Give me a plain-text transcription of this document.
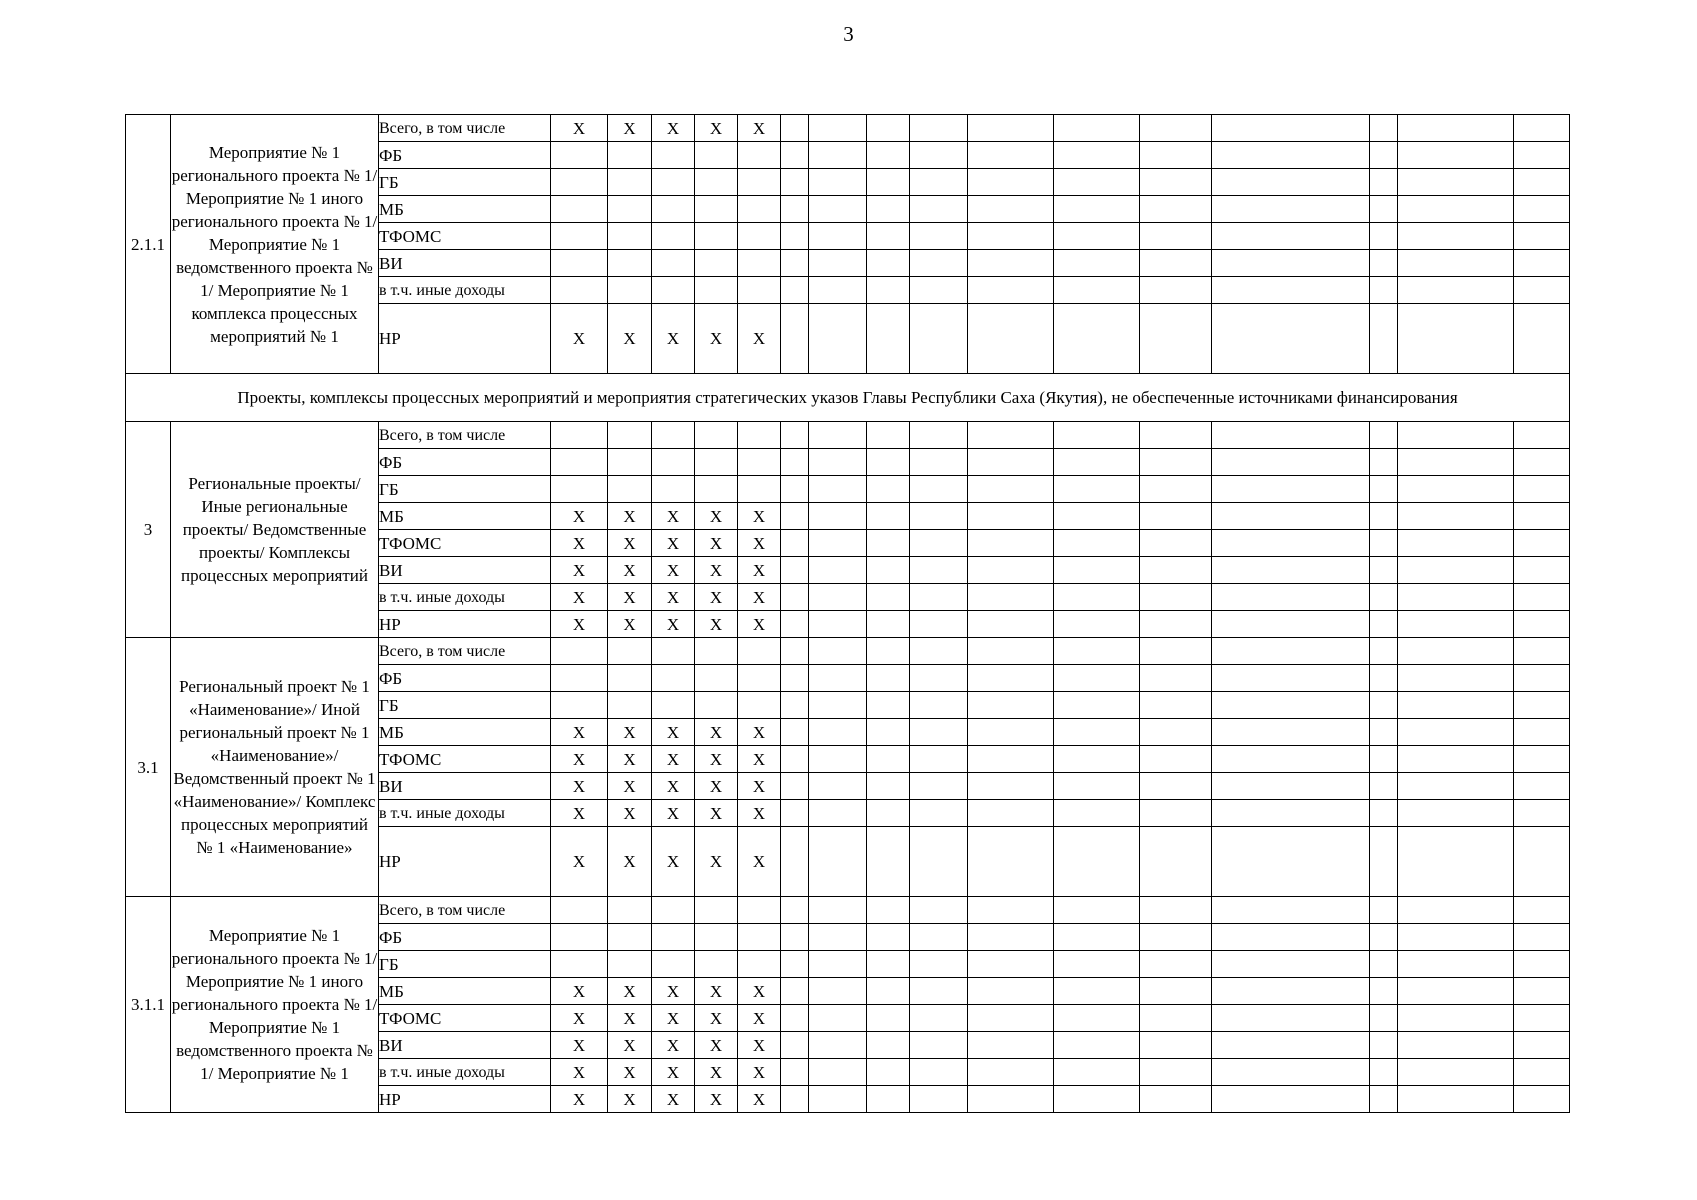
3
2.1.1	Мероприятие № 1 регионального проекта № 1/ Мероприятие № 1 иного регионального проекта № 1/ Мероприятие № 1 ведомственного проекта № 1/ Мероприятие № 1 комплекса процессных мероприятий № 1	Всего, в том числе	Х	Х	Х	Х	Х											
		ФБ																
		ГБ																
		МБ																
		ТФОМС																
		ВИ																
		в т.ч. иные доходы																
		НР	Х	Х	Х	Х	Х											
Проекты, комплексы процессных мероприятий и мероприятия стратегических указов Главы Республики Саха (Якутия), не обеспеченные источниками финансирования																		
3	Региональные проекты/ Иные региональные проекты/ Ведомственные проекты/ Комплексы процессных мероприятий	Всего, в том числе																
		ФБ																
		ГБ																
		МБ	Х	Х	Х	Х	Х											
		ТФОМС	Х	Х	Х	Х	Х											
		ВИ	Х	Х	Х	Х	Х											
		в т.ч. иные доходы	Х	Х	Х	Х	Х											
		НР	Х	Х	Х	Х	Х											
3.1	Региональный проект № 1 «Наименование»/ Иной региональный проект № 1 «Наименование»/ Ведомственный проект № 1 «Наименование»/ Комплекс процессных мероприятий № 1 «Наименование»	Всего, в том числе																
		ФБ																
		ГБ																
		МБ	Х	Х	Х	Х	Х											
		ТФОМС	Х	Х	Х	Х	Х											
		ВИ	Х	Х	Х	Х	Х											
		в т.ч. иные доходы	Х	Х	Х	Х	Х											
		НР	Х	Х	Х	Х	Х											
3.1.1	Мероприятие № 1 регионального проекта № 1/ Мероприятие № 1 иного регионального проекта № 1/ Мероприятие № 1 ведомственного проекта № 1/ Мероприятие № 1	Всего, в том числе																
		ФБ																
		ГБ																
		МБ	Х	Х	Х	Х	Х											
		ТФОМС	Х	Х	Х	Х	Х											
		ВИ	Х	Х	Х	Х	Х											
		в т.ч. иные доходы	Х	Х	Х	Х	Х											
		НР	Х	Х	Х	Х	Х											
